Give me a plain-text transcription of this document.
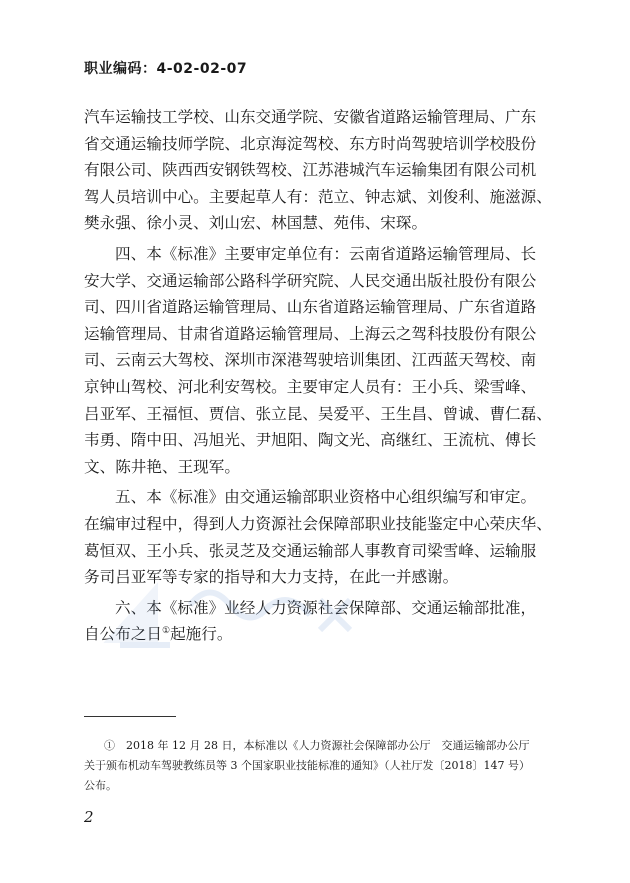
职业编码：4-02-02-07

汽车运输技工学校、山东交通学院、安徽省道路运输管理局、广东
省交通运输技师学院、北京海淀驾校、东方时尚驾驶培训学校股份
有限公司、陕西西安钢铁驾校、江苏港城汽车运输集团有限公司机
驾人员培训中心。主要起草人有：范立、钟志斌、刘俊利、施滋源、
樊永强、徐小灵、刘山宏、林国慧、苑伟、宋琛。

四、本《标准》主要审定单位有：云南省道路运输管理局、长
安大学、交通运输部公路科学研究院、人民交通出版社股份有限公
司、四川省道路运输管理局、山东省道路运输管理局、广东省道路
运输管理局、甘肃省道路运输管理局、上海云之驾科技股份有限公
司、云南云大驾校、深圳市深港驾驶培训集团、江西蓝天驾校、南
京钟山驾校、河北利安驾校。主要审定人员有：王小兵、梁雪峰、
吕亚军、王福恒、贾信、张立昆、吴爱平、王生昌、曾诚、曹仁磊、
韦勇、隋中田、冯旭光、尹旭阳、陶文光、高继红、王流杭、傅长
文、陈井艳、王现军。

五、本《标准》由交通运输部职业资格中心组织编写和审定。
在编审过程中，得到人力资源社会保障部职业技能鉴定中心荣庆华、
葛恒双、王小兵、张灵芝及交通运输部人事教育司梁雪峰、运输服
务司吕亚军等专家的指导和大力支持，在此一并感谢。

六、本《标准》业经人力资源社会保障部、交通运输部批准，
自公布之日①起施行。

①　2018 年 12 月 28 日，本标准以《人力资源社会保障部办公厅　交通运输部办公厅
关于颁布机动车驾驶教练员等 3 个国家职业技能标准的通知》（人社厅发〔2018〕147 号）
公布。
2
